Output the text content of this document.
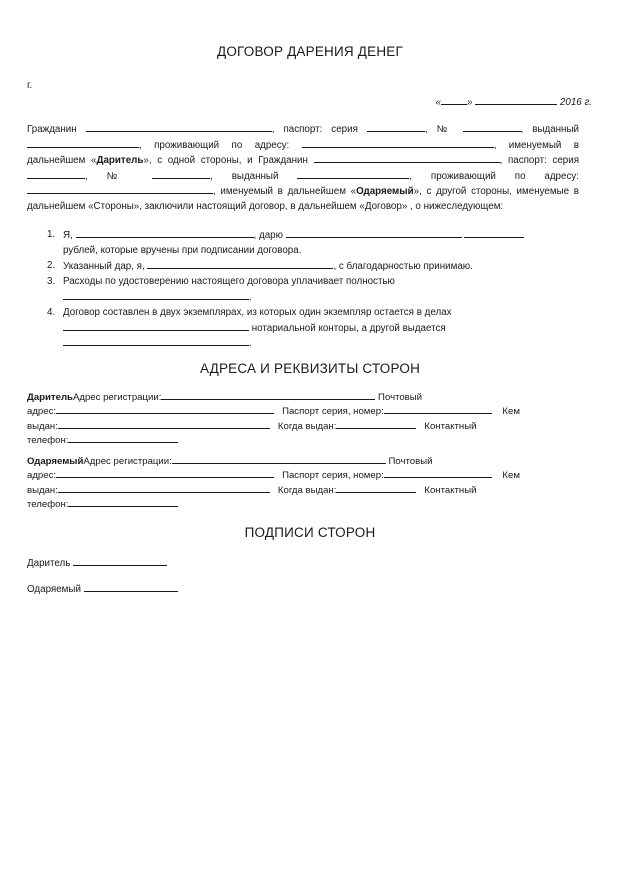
ДОГОВОР ДАРЕНИЯ ДЕНЕГ
г.
«	»	2016 г.

Гражданин	, паспорт: серия	, №	, выданный , проживающий по адресу:	, именуемый в дальнейшем «Даритель», с одной стороны, и Гражданин	, паспорт: серия , №	, выданный	, проживающий по адресу: , именуемый в дальнейшем «Одаряемый», с другой стороны, именуемые в дальнейшем «Стороны», заключили настоящий договор, в дальнейшем «Договор» , о нижеследующем:

1. Я,	, дарю
рублей, которые вручены при подписании договора.
2. Указанный дар, я,	, с благодарностью принимаю.
3. Расходы по удостоверению настоящего договора уплачивает полностью
.
4. Договор составлен в двух экземплярах, из которых один экземпляр остается в делах
нотариальной конторы, а другой выдается
.
АДРЕСА И РЕКВИЗИТЫ СТОРОН
ДарительАдрес регистрации:	Почтовый
адрес:	Паспорт серия, номер:	Кем
выдан:	Когда выдан:	Контактный
телефон:
ОдаряемыйАдрес регистрации:	Почтовый
адрес:	Паспорт серия, номер:	Кем
выдан:	Когда выдан:	Контактный
телефон:
ПОДПИСИ СТОРОН
Даритель
Одаряемый
